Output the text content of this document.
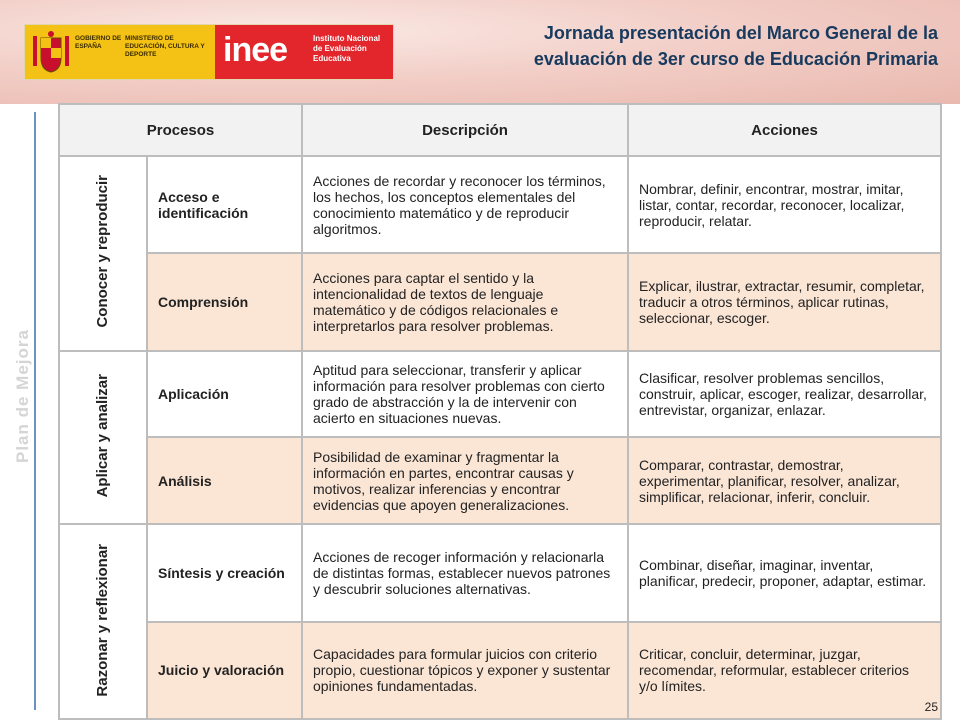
GOBIERNO DE ESPAÑA
MINISTERIO DE EDUCACIÓN, CULTURA Y DEPORTE	inee	Instituto Nacional de Evaluación Educativa
Jornada presentación del Marco General de la
evaluación de 3er curso de Educación Primaria
Plan de Mejora
Procesos		Descripción	Acciones
Conocer y reproducir	Acceso e identificación	Acciones de recordar y reconocer los términos, los hechos, los conceptos elementales del conocimiento matemático y de reproducir algoritmos.	Nombrar, definir, encontrar, mostrar, imitar, listar, contar, recordar, reconocer, localizar, reproducir, relatar.
	Comprensión	Acciones para captar el sentido y la intencionalidad de textos de lenguaje matemático y de códigos relacionales e interpretarlos para resolver problemas.	Explicar, ilustrar, extractar, resumir, completar, traducir a otros términos, aplicar rutinas, seleccionar, escoger.
Aplicar y analizar	Aplicación	Aptitud para seleccionar, transferir y aplicar información para resolver problemas con cierto grado de abstracción y la de intervenir con acierto en situaciones nuevas.	Clasificar, resolver problemas sencillos, construir, aplicar, escoger, realizar, desarrollar, entrevistar, organizar, enlazar.
	Análisis	Posibilidad de examinar y fragmentar la información en partes, encontrar causas y motivos, realizar inferencias y encontrar evidencias que apoyen generalizaciones.	Comparar, contrastar, demostrar, experimentar, planificar, resolver, analizar, simplificar, relacionar, inferir, concluir.
Razonar y reflexionar	Síntesis y creación	Acciones de recoger información y relacionarla de distintas formas, establecer nuevos patrones y descubrir soluciones alternativas.	Combinar, diseñar, imaginar, inventar, planificar, predecir, proponer, adaptar, estimar.
	Juicio y valoración	Capacidades para formular juicios con criterio propio, cuestionar tópicos y exponer y sustentar opiniones fundamentadas.	Criticar, concluir, determinar, juzgar, recomendar, reformular, establecer criterios y/o límites.
25
